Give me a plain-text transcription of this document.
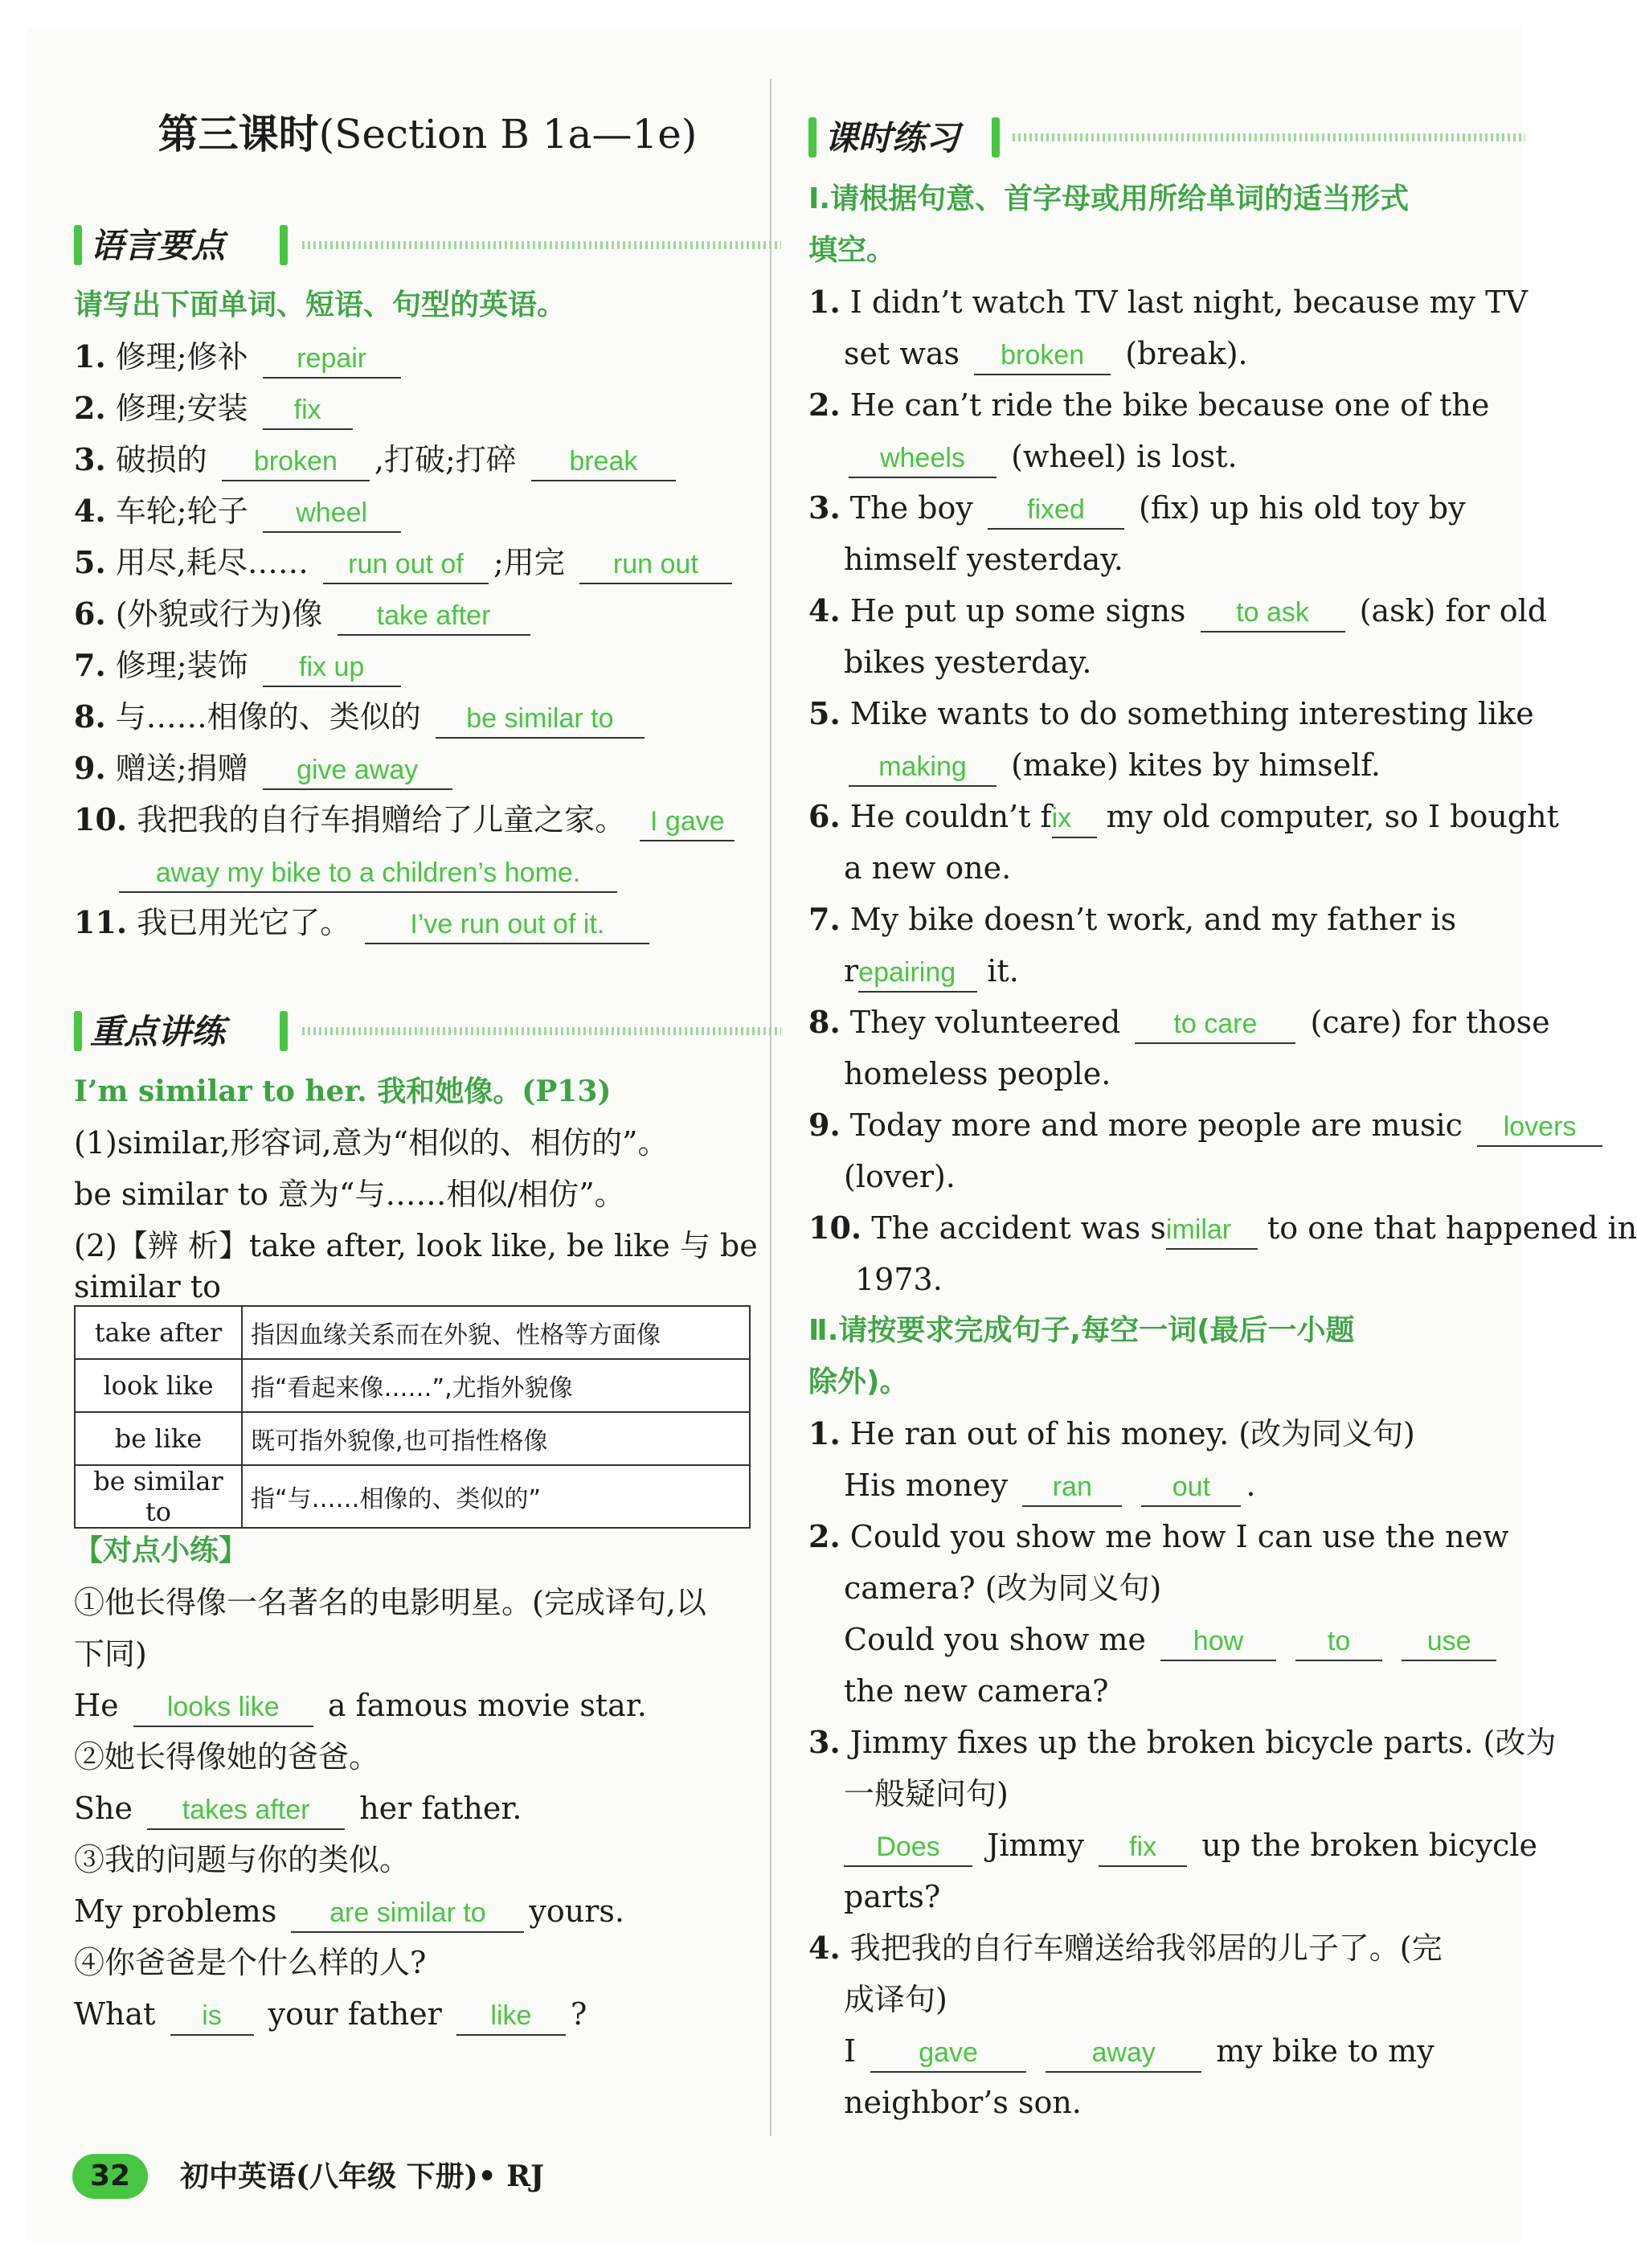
第三课时(Section B 1a—1e)
语言要点
请写出下面单词、短语、句型的英语。
1. 修理;修补 repair
2. 修理;安装 fix
3. 破损的 broken ,打破;打碎 break
4. 车轮;轮子 wheel
5. 用尽,耗尽…… run out of ;用完 run out
6. (外貌或行为)像 take after
7. 修理;装饰 fix up
8. 与……相像的、类似的 be similar to
9. 赠送;捐赠 give away
10. 我把我的自行车捐赠给了儿童之家。 I gave
away my bike to a children’s home.
11. 我已用光它了。 I’ve run out of it.
重点讲练
I’m similar to her. 我和她像。(P13)
(1)similar,形容词,意为“相似的、相仿的”。
be similar to 意为“与……相似/相仿”。
(2)【辨 析】take after, look like, be like 与 be
similar to
take after	指因血缘关系而在外貌、性格等方面像
look like	指“看起来像……”,尤指外貌像
be like	既可指外貌像,也可指性格像
be similar to	指“与……相像的、类似的”
【对点小练】
①他长得像一名著名的电影明星。(完成译句,以
下同)
He looks like a famous movie star.
②她长得像她的爸爸。
She takes after her father.
③我的问题与你的类似。
My problems are similar to yours.
④你爸爸是个什么样的人?
What is your father like ?
课时练习
Ⅰ.请根据句意、首字母或用所给单词的适当形式
填空。
1. I didn’t watch TV last night, because my TV
set was broken (break).
2. He can’t ride the bike because one of the
wheels (wheel) is lost.
3. The boy fixed (fix) up his old toy by
himself yesterday.
4. He put up some signs to ask (ask) for old
bikes yesterday.
5. Mike wants to do something interesting like
making (make) kites by himself.
6. He couldn’t fix my old computer, so I bought
a new one.
7. My bike doesn’t work, and my father is
repairing it.
8. They volunteered to care (care) for those
homeless people.
9. Today more and more people are music lovers
(lover).
10. The accident was similar to one that happened in
1973.
Ⅱ.请按要求完成句子,每空一词(最后一小题
除外)。
1. He ran out of his money. (改为同义句)
His money ran	out .
2. Could you show me how I can use the new
camera? (改为同义句)
Could you show me how	to	use
the new camera?
3. Jimmy fixes up the broken bicycle parts. (改为
一般疑问句)
Does Jimmy fix up the broken bicycle
parts?
4. 我把我的自行车赠送给我邻居的儿子了。(完
成译句)
I gave	away my bike to my
neighbor’s son.
32	初中英语(八年级 下册)• RJ
